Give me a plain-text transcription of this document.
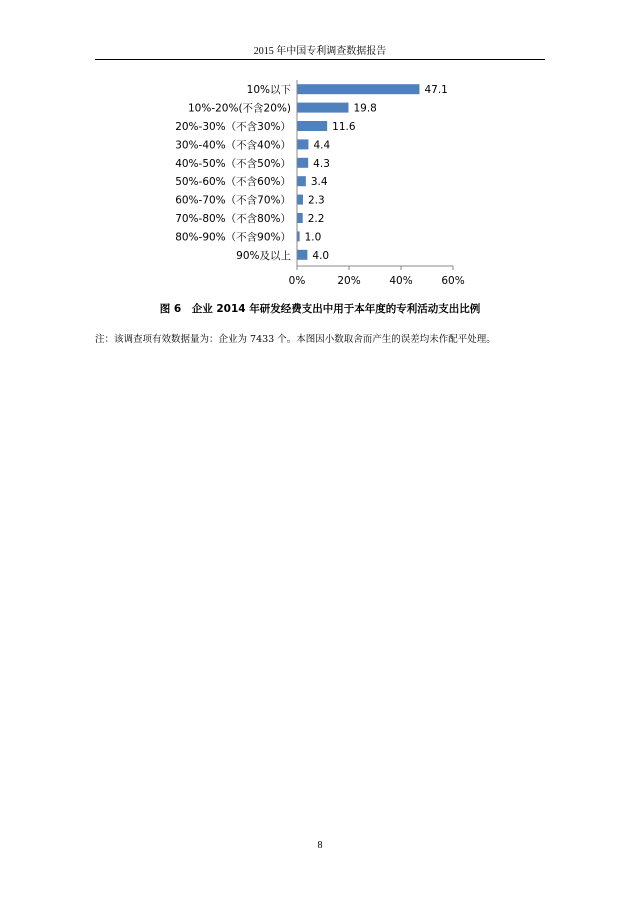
2015 年中国专利调查数据报告
10%以下	47.1
10%-20%(不含20%)	19.8
20%-30%（不含30%）	11.6
30%-40%（不含40%） 4.4
40%-50%（不含50%） 4.3
50%-60%（不含60%） 3.4
60%-70%（不含70%） 2.3
70%-80%（不含80%） 2.2
80%-90%（不含90%） 1.0
90%及以上 4.0
0%	20%	40%	60%
图 6　企业 2014 年研发经费支出中用于本年度的专利活动支出比例
注：该调查项有效数据量为：企业为 7433 个。本图因小数取舍而产生的误差均未作配平处理。
8
